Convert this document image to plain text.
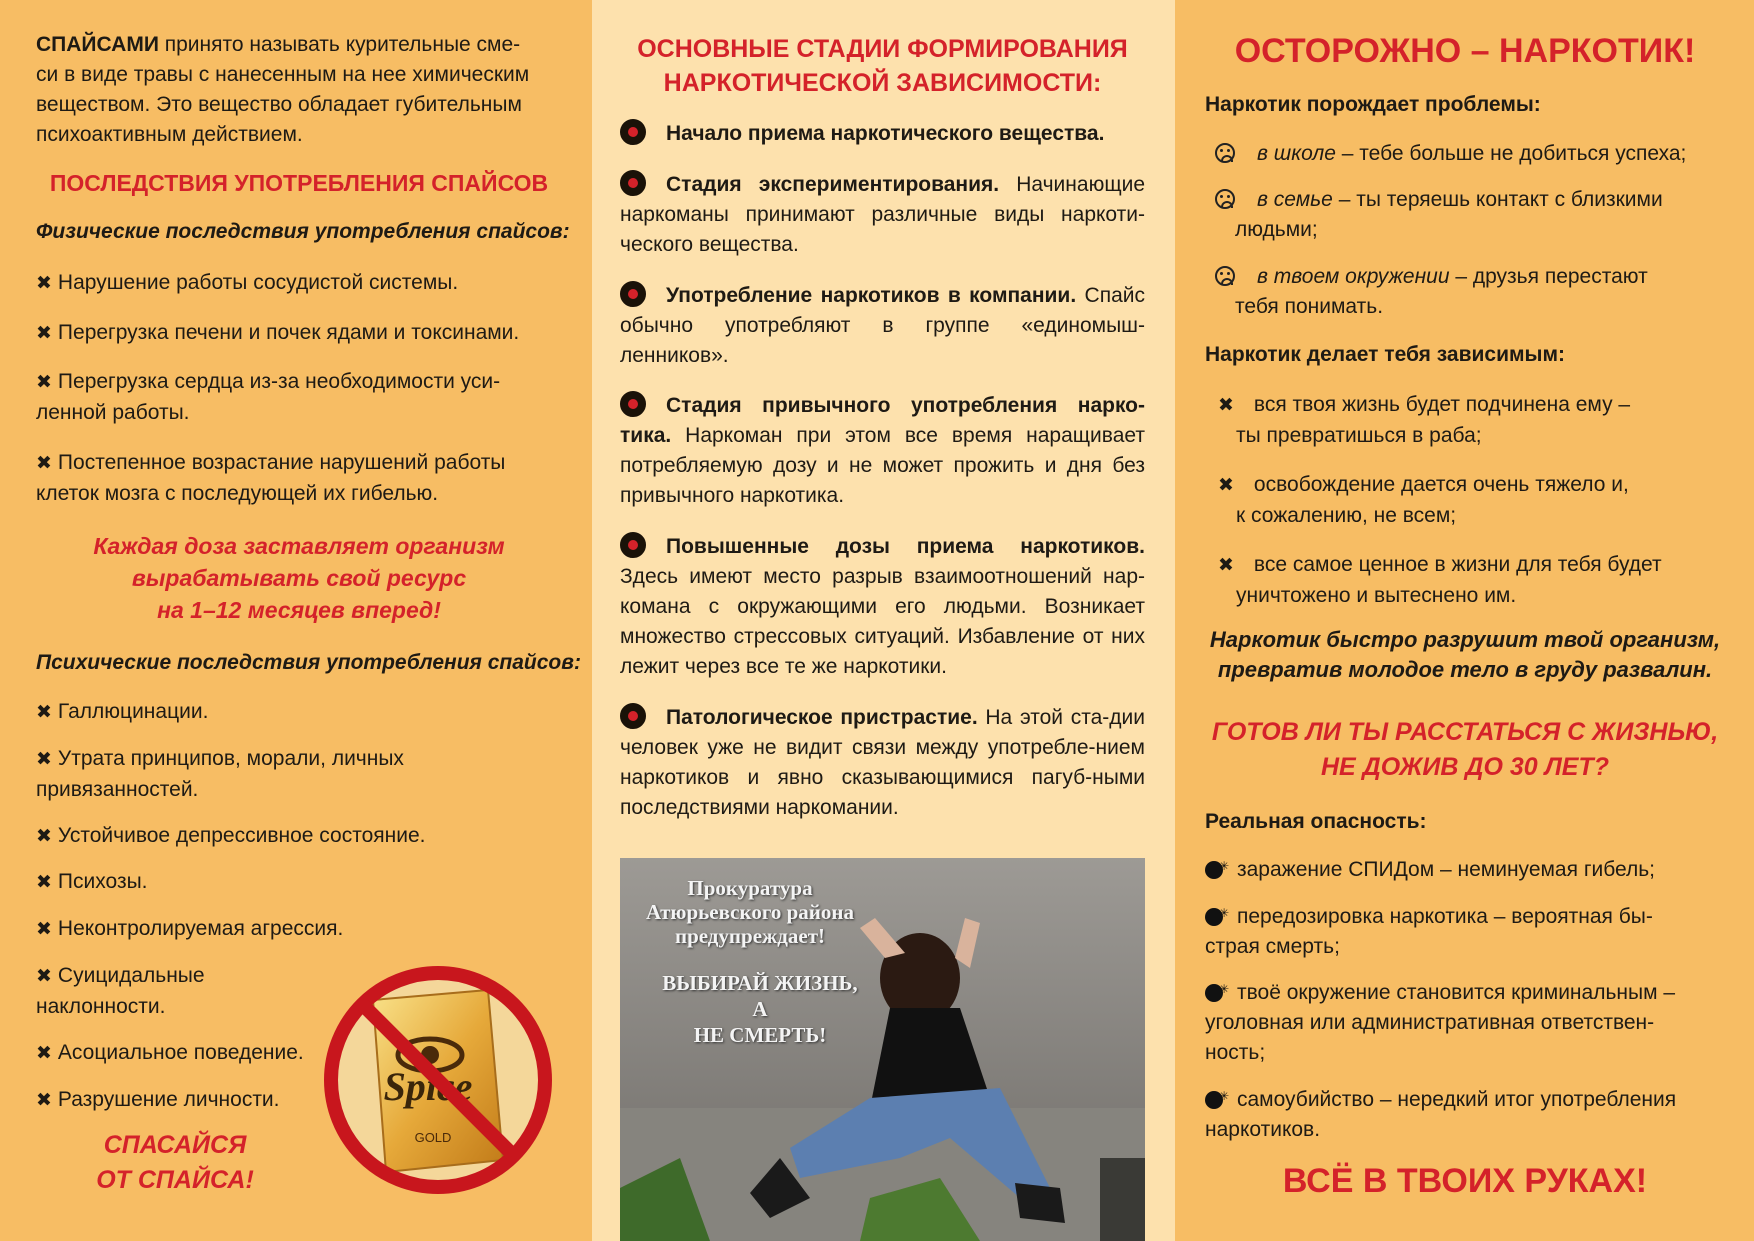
СПАЙСАМИ принято называть курительные сме-
си в виде травы с нанесенным на нее химическим
веществом. Это вещество обладает губительным
психоактивным действием.
ПОСЛЕДСТВИЯ УПОТРЕБЛЕНИЯ СПАЙСОВ
Физические последствия употребления спайсов:
✖ Нарушение работы сосудистой системы.
✖ Перегрузка печени и почек ядами и токсинами.
✖ Перегрузка сердца из-за необходимости уси-
ленной работы.
✖ Постепенное возрастание нарушений работы
клеток мозга с последующей их гибелью.
Каждая доза заставляет организм
вырабатывать свой ресурс
на 1–12 месяцев вперед!
Психические последствия употребления спайсов:
✖ Галлюцинации.
✖ Утрата принципов, морали, личных
привязанностей.
✖ Устойчивое депрессивное состояние.
✖ Психозы.
✖ Неконтролируемая агрессия.
✖ Суицидальные
наклонности.
✖ Асоциальное поведение.
✖ Разрушение личности.
СПАСАЙСЯ
ОТ СПАЙСА!
Spice
GOLD
ОСНОВНЫЕ СТАДИИ ФОРМИРОВАНИЯ
НАРКОТИЧЕСКОЙ ЗАВИСИМОСТИ:
Начало приема наркотического вещества.
Стадия экспериментирования. Начинающие наркоманы принимают различные виды наркоти-ческого вещества.
Употребление наркотиков в компании. Спайс обычно употребляют в группе «единомыш-ленников».
Стадия привычного употребления нарко-тика. Наркоман при этом все время наращивает потребляемую дозу и не может прожить и дня без привычного наркотика.
Повышенные дозы приема наркотиков. Здесь имеют место разрыв взаимоотношений нар-комана с окружающими его людьми. Возникает множество стрессовых ситуаций. Избавление от них лежит через все те же наркотики.
Патологическое пристрастие. На этой ста-дии человек уже не видит связи между употребле-нием наркотиков и явно сказывающимися пагуб-ными последствиями наркомании.
Прокуратура
Атюрьевского района
предупреждает!
ВЫБИРАЙ ЖИЗНЬ,
А
НЕ СМЕРТЬ!
ОСТОРОЖНО – НАРКОТИК!
Наркотик порождает проблемы:
в школе – тебе больше не добиться успеха;
в семье – ты теряешь контакт с близкими
людьми;
в твоем окружении – друзья перестают
тебя понимать.
Наркотик делает тебя зависимым:
✖ вся твоя жизнь будет подчинена ему –
ты превратишься в раба;
✖ освобождение дается очень тяжело и,
к сожалению, не всем;
✖ все самое ценное в жизни для тебя будет
уничтожено и вытеснено им.
Наркотик быстро разрушит твой организм,
превратив молодое тело в груду развалин.
ГОТОВ ЛИ ТЫ РАССТАТЬСЯ С ЖИЗНЬЮ,
НЕ ДОЖИВ ДО 30 ЛЕТ?
Реальная опасность:
✳заражение СПИДом – неминуемая гибель;
✳передозировка наркотика – вероятная бы-
страя смерть;
✳твоё окружение становится криминальным –
уголовная или административная ответствен-
ность;
✳самоубийство – нередкий итог употребления
наркотиков.
ВСЁ В ТВОИХ РУКАХ!
